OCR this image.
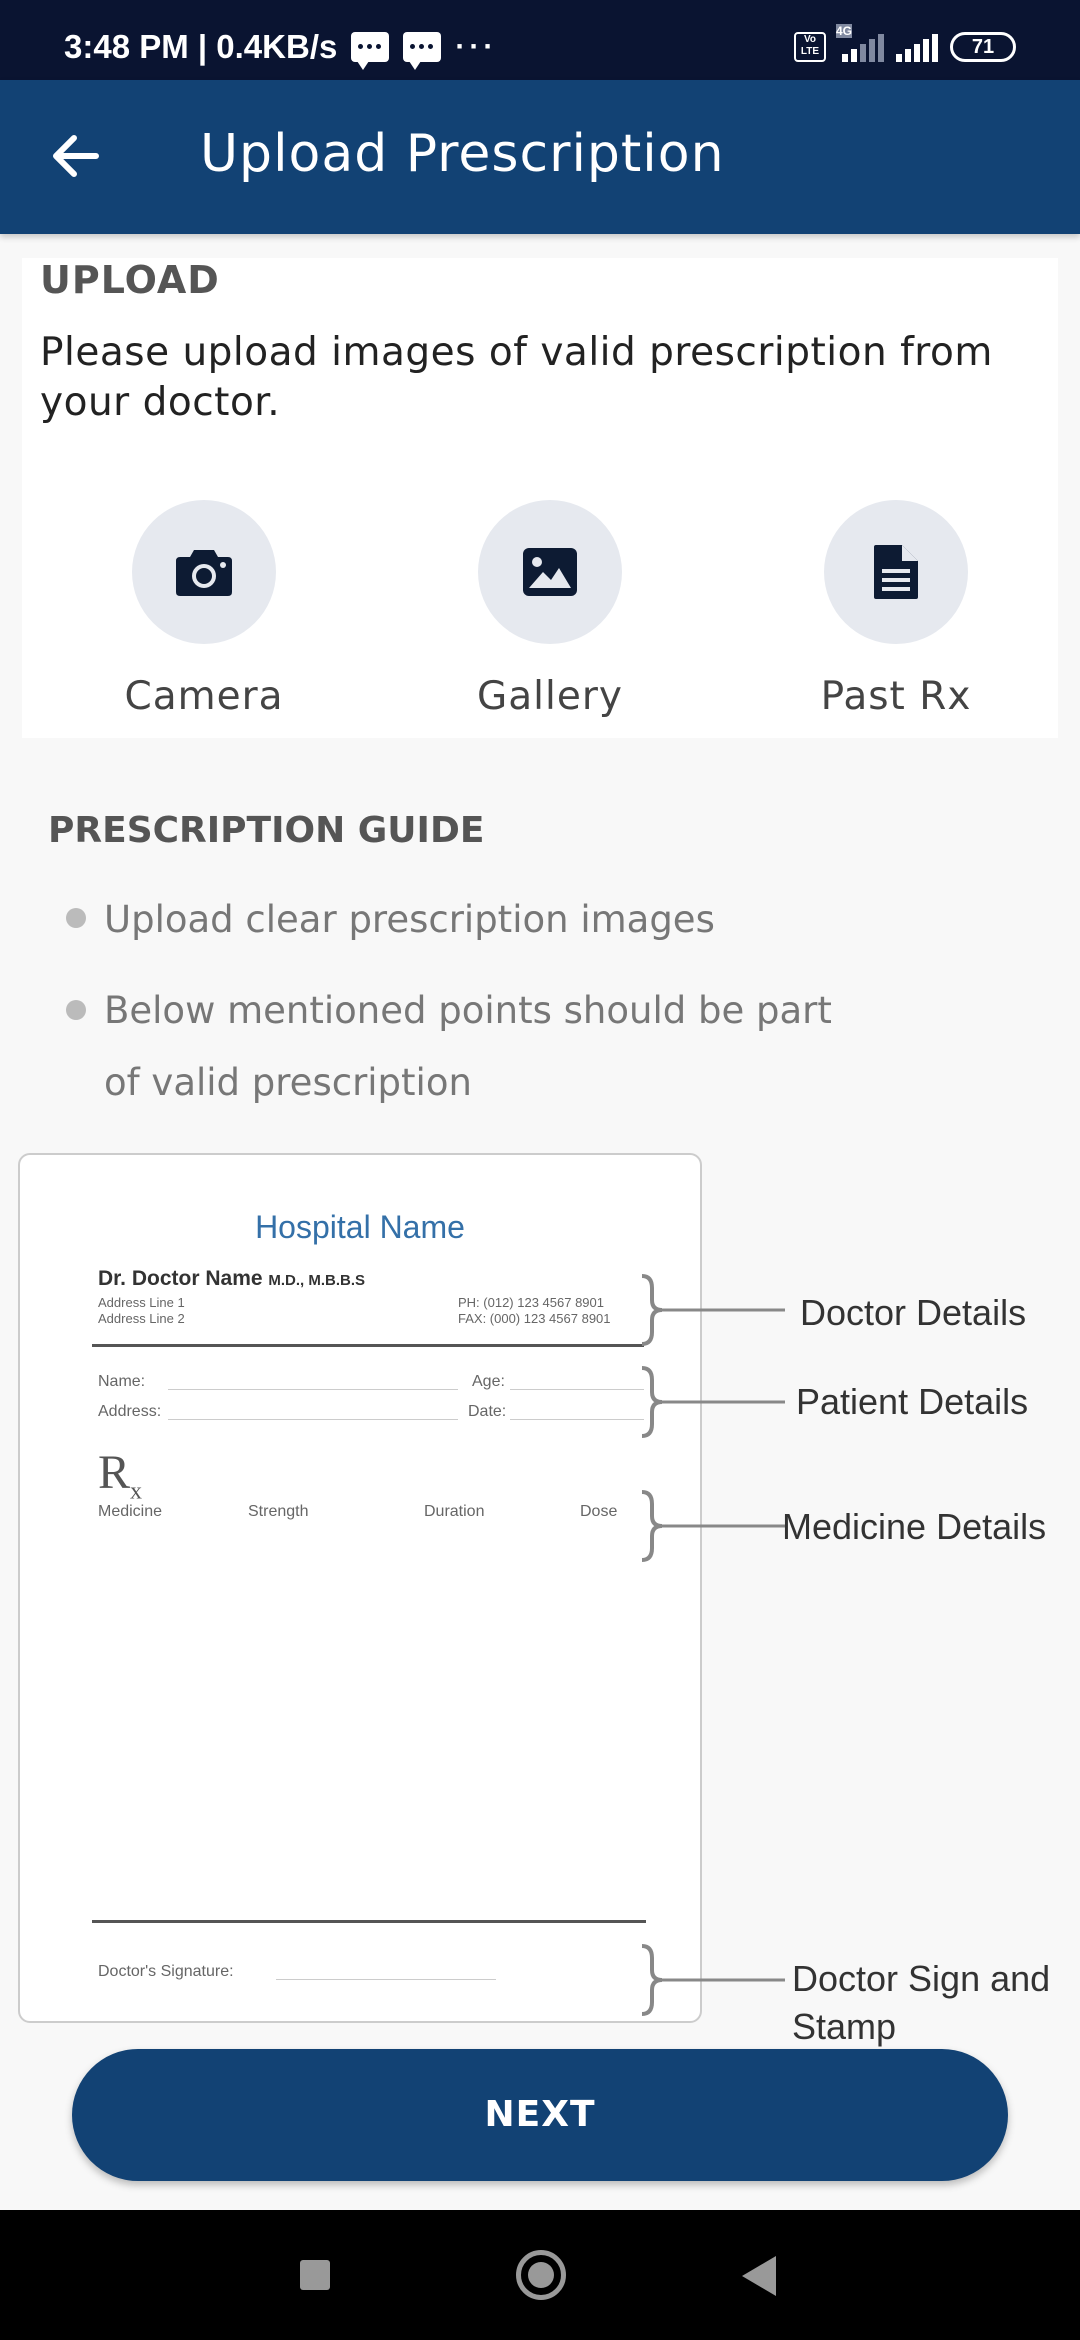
3:48 PM | 0.4KB/s	···	Vo LTE
4G
71
Upload Prescription
UPLOAD
Please upload images of valid prescription from your doctor.
Camera	Gallery	Past Rx
PRESCRIPTION GUIDE
Upload clear prescription images
Below mentioned points should be part of valid prescription
Hospital Name
Dr. Doctor Name M.D., M.B.B.S
Address Line 1
Address Line 2
PH: (012) 123 4567 8901
FAX: (000) 123 4567 8901
Name:	Age:
Address:	Date:
$R_x$
Medicine	Strength	Duration	Dose
Doctor's Signature:
Doctor Details
Patient Details
Medicine Details
Doctor Sign and
Stamp
NEXT
